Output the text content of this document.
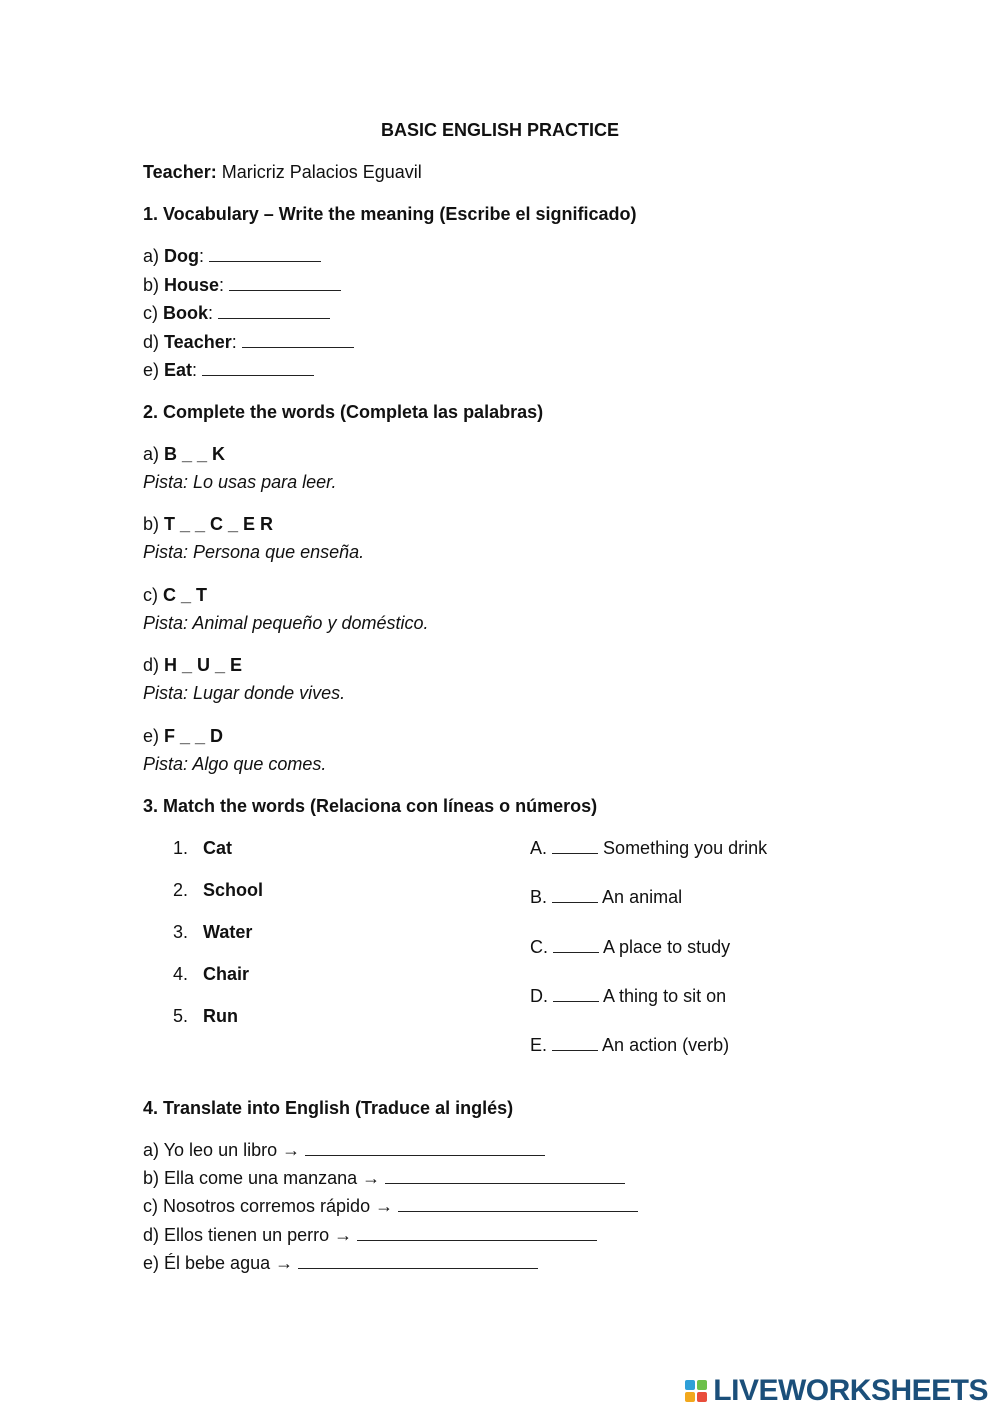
BASIC ENGLISH PRACTICE
Teacher: Maricriz Palacios Eguavil
1. Vocabulary – Write the meaning (Escribe el significado)
a) Dog:
b) House:
c) Book:
d) Teacher:
e) Eat:
2. Complete the words (Completa las palabras)
a) B _ _ K
Pista: Lo usas para leer.
b) T _ _ C _ E R
Pista: Persona que enseña.
c) C _ T
Pista: Animal pequeño y doméstico.
d) H _ U _ E
Pista: Lugar donde vives.
e) F _ _ D
Pista: Algo que comes.
3. Match the words (Relaciona con líneas o números)
1. Cat
2. School
3. Water
4. Chair
5. Run
A.	Something you drink
B.	An animal
C.	A place to study
D.	A thing to sit on
E.	An action (verb)
4. Translate into English (Traduce al inglés)
a) Yo leo un libro →
b) Ella come una manzana →
c) Nosotros corremos rápido →
d) Ellos tienen un perro →
e) Él bebe agua →
LIVEWORKSHEETS
